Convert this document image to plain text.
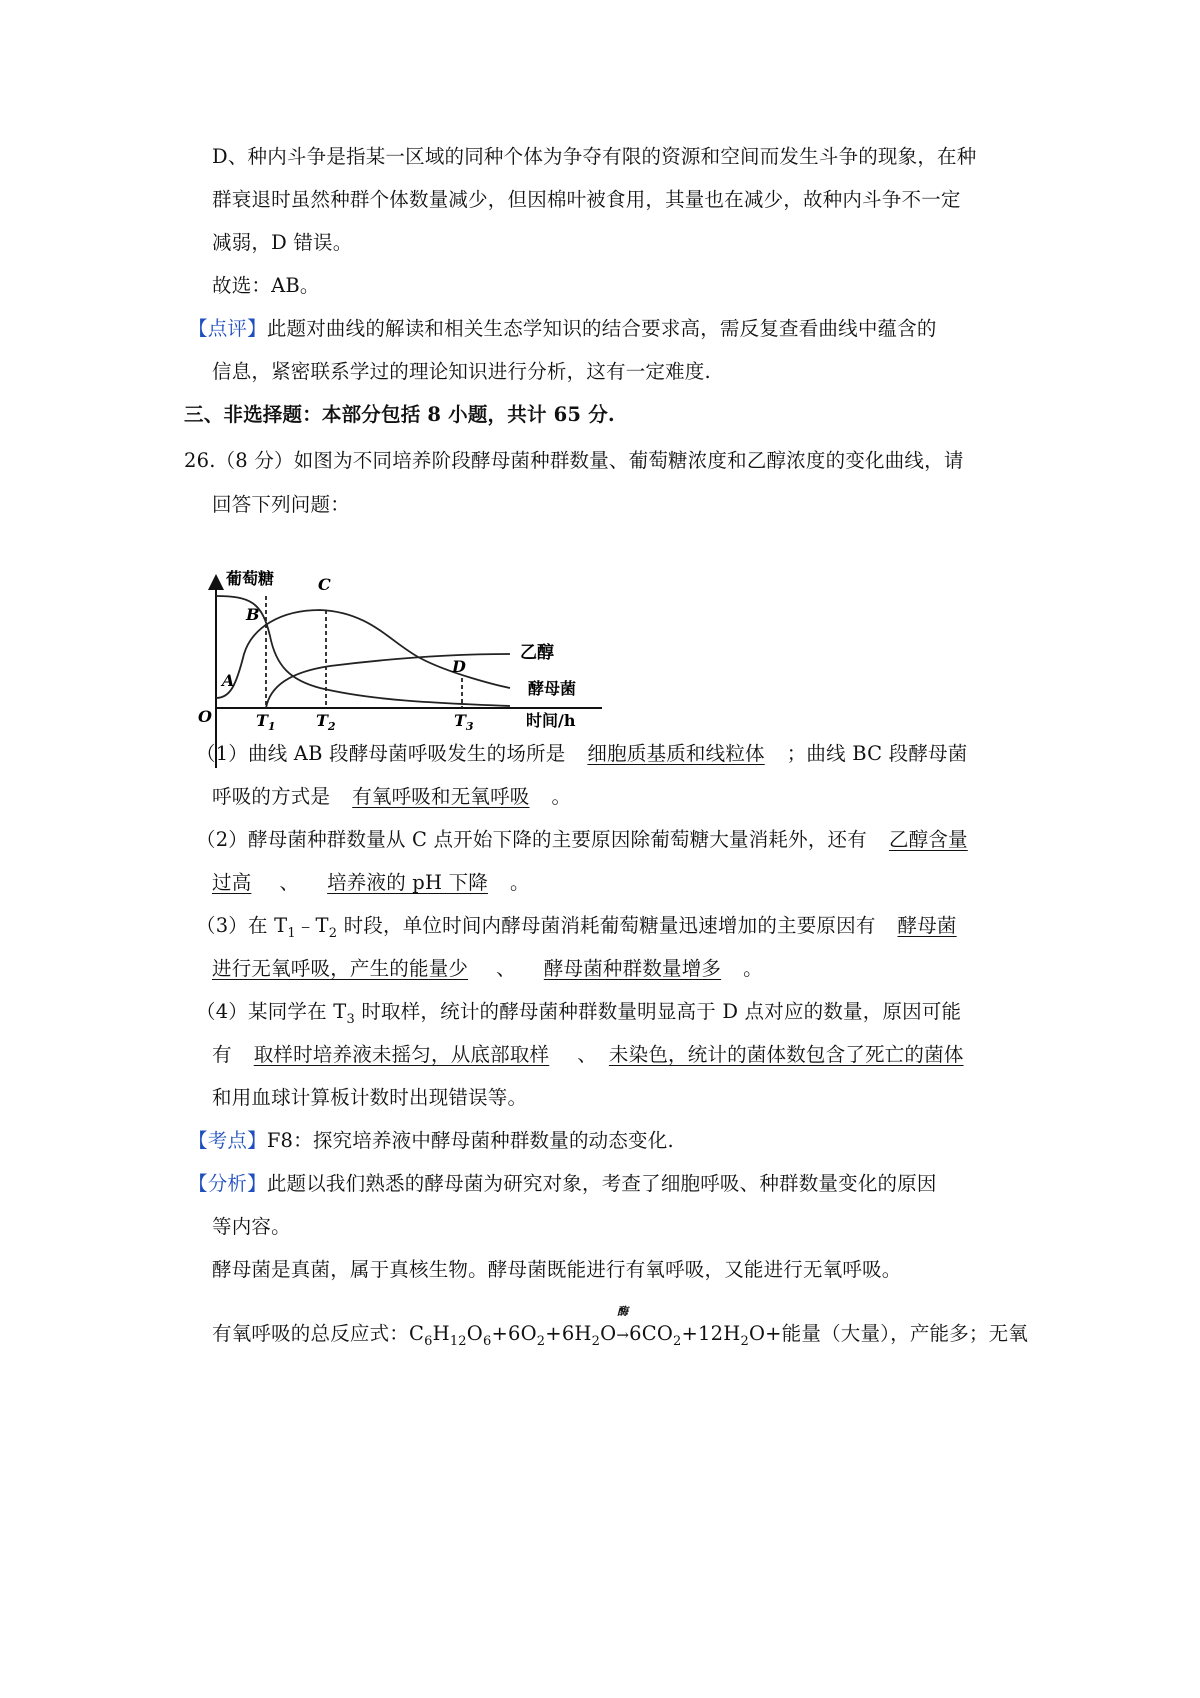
D、种内斗争是指某一区域的同种个体为争夺有限的资源和空间而发生斗争的现象，在种
群衰退时虽然种群个体数量减少，但因棉叶被食用，其量也在减少，故种内斗争不一定
减弱，D 错误。
故选：AB。
【点评】此题对曲线的解读和相关生态学知识的结合要求高，需反复查看曲线中蕴含的
信息，紧密联系学过的理论知识进行分析，这有一定难度.
三、非选择题：本部分包括 8 小题，共计 65 分.
26.（8 分）如图为不同培养阶段酵母菌种群数量、葡萄糖浓度和乙醇浓度的变化曲线，请
回答下列问题：
葡萄糖
乙醇
酵母菌
A
B
C
D
O	$T_1$	$T_2$	$T_3$	时间/h
（1）曲线 AB 段酵母菌呼吸发生的场所是 细胞质基质和线粒体 ；曲线 BC 段酵母菌
呼吸的方式是 有氧呼吸和无氧呼吸 。
（2）酵母菌种群数量从 C 点开始下降的主要原因除葡萄糖大量消耗外，还有 乙醇含量
过高 、 培养液的 pH 下降 。
（3）在 $T_1﹣T_2$ 时段，单位时间内酵母菌消耗葡萄糖量迅速增加的主要原因有 酵母菌
进行无氧呼吸，产生的能量少 、 酵母菌种群数量增多 。
（4）某同学在 $T_3$ 时取样，统计的酵母菌种群数量明显高于 D 点对应的数量，原因可能
有 取样时培养液未摇匀，从底部取样 、 未染色，统计的菌体数包含了死亡的菌体
和用血球计算板计数时出现错误等。
【考点】F8：探究培养液中酵母菌种群数量的动态变化.
【分析】此题以我们熟悉的酵母菌为研究对象，考查了细胞呼吸、种群数量变化的原因
等内容。
酵母菌是真菌，属于真核生物。酵母菌既能进行有氧呼吸，又能进行无氧呼吸。
有氧呼吸的总反应式：$C_6H_{12}O_6+6O_2+6H_2O$
酶
$\to 6CO_2+12H_2O+$能量（大量），产能多；无氧
